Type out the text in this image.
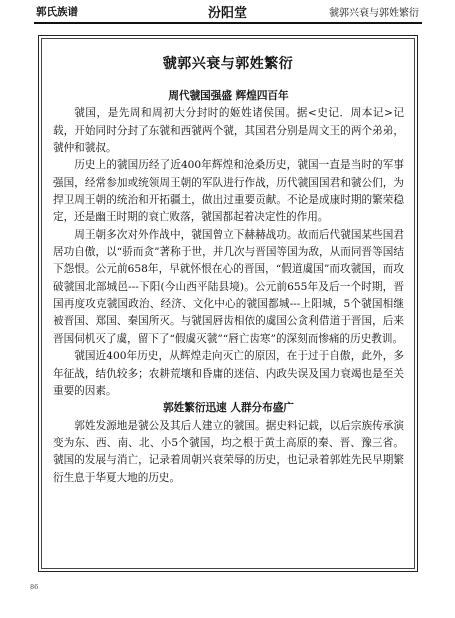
郭氏族谱	汾阳堂	虢郭兴衰与郭姓繁衍
虢郭兴衰与郭姓繁衍
周代虢国强盛 辉煌四百年

虢国，是先周和周初大分封时的姬姓诸侯国。据<史记．周本记>记载，开始同时分封了东虢和西虢两个虢，其国君分别是周文王的两个弟弟，虢仲和虢叔。

历史上的虢国历经了近400年辉煌和沧桑历史，虢国一直是当时的军事强国，经常参加或统领周王朝的军队进行作战，历代虢国国君和虢公们，为捍卫周王朝的统治和开拓疆土，做出过重要贡献。不论是成康时期的繁荣稳定，还是幽王时期的衰亡败落，虢国都起着决定性的作用。

周王朝多次对外作战中，虢国曾立下赫赫战功。故而后代虢国某些国君居功自傲，以“骄而贪”著称于世，并几次与晋国等国为敌，从而同晋等国结下怨恨。公元前658年，早就怀恨在心的晋国，“假道虞国”而攻虢国，而攻破虢国北部城邑---下阳(今山西平陆县境)。公元前655年及后一个时期，晋国再度攻克虢国政治、经济、文化中心的虢国都城---上阳城，5个虢国相继被晋国、郑国、秦国所灭。与虢国唇齿相依的虞国公贪利借道于晋国，后来晋国伺机灭了虞，留下了“假虞灭虢”“唇亡齿寒”的深刻而惨痛的历史教训。

虢国近400年历史，从辉煌走向灭亡的原因，在于过于自傲，此外，多年征战，结仇较多；农耕荒壤和昏庸的迷信、内政失误及国力衰竭也是至关重要的因素。

郭姓繁衍迅速 人群分布盛广

郭姓发源地是虢公及其后人建立的虢国。据史料记载，以后宗族传承演变为东、西、南、北、小5个虢国，均之根于黄土高原的秦、晋、豫三省。虢国的发展与消亡，记录着周朝兴衰荣辱的历史，也记录着郭姓先民早期繁衍生息于华夏大地的历史。

86
